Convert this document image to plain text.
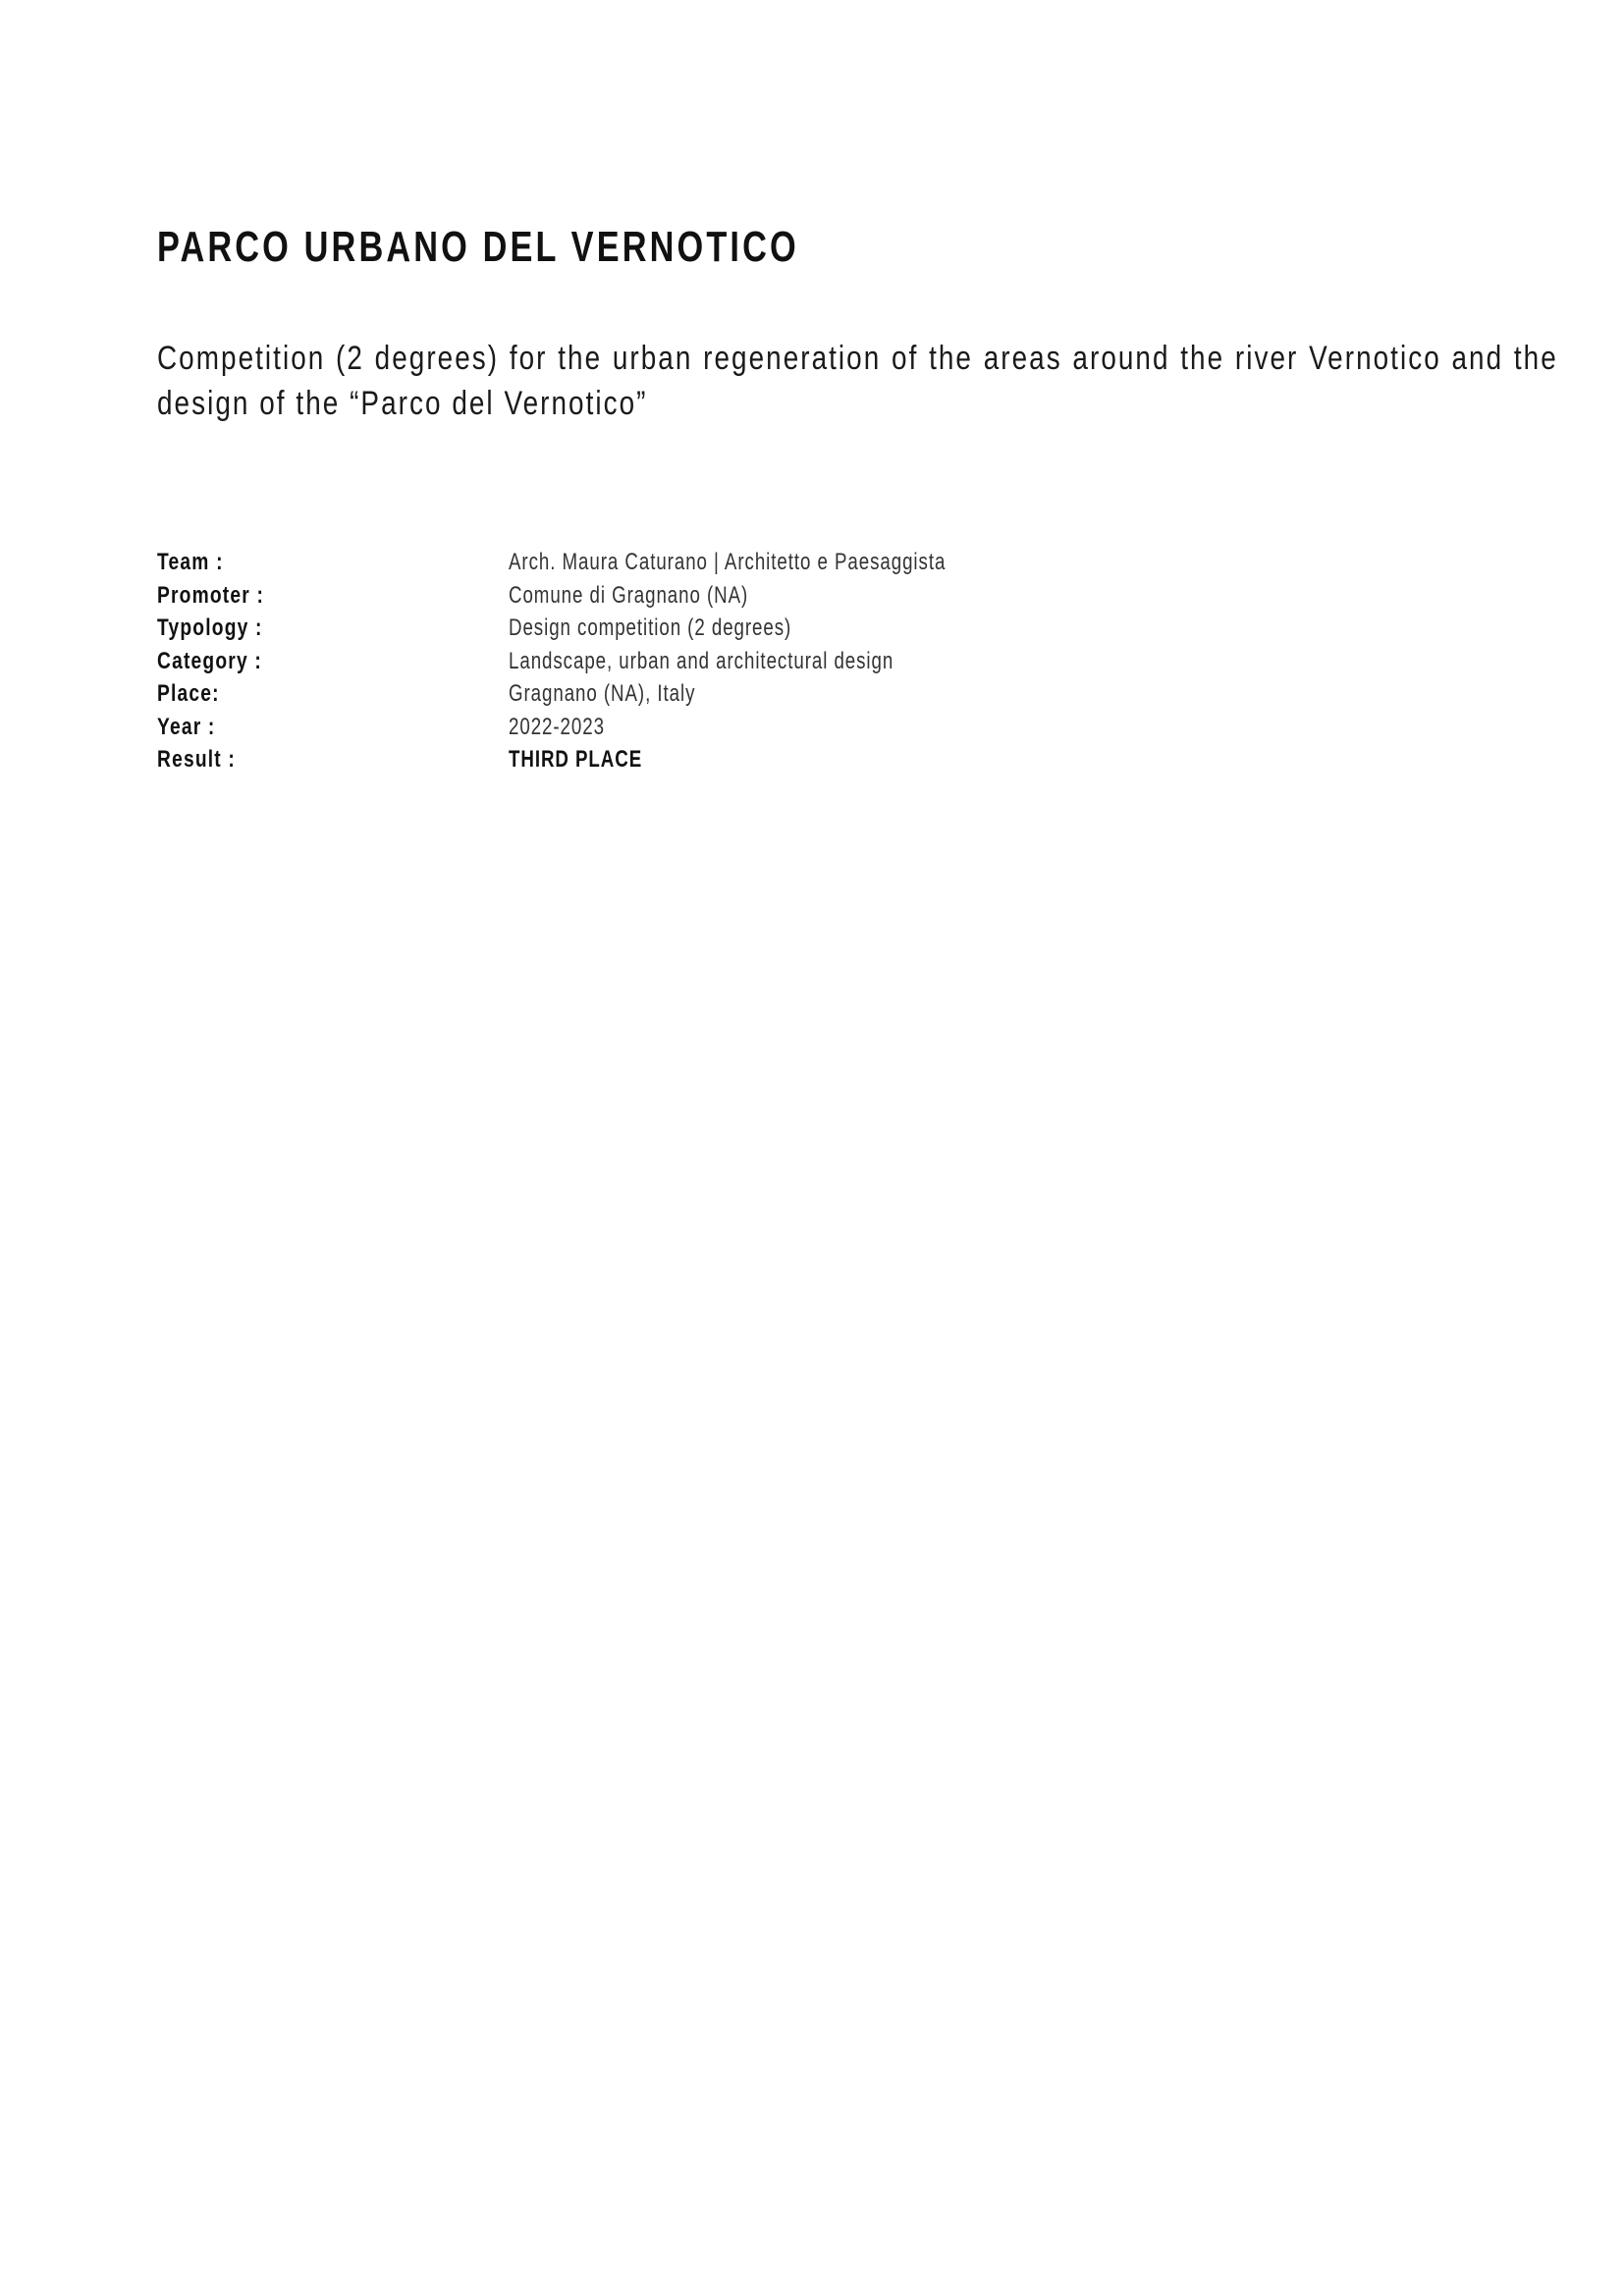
PARCO URBANO DEL VERNOTICO

Competition (2 degrees) for the urban regeneration of the areas around the river Vernotico and the design of the “Parco del Vernotico”

Team :	Arch. Maura Caturano | Architetto e Paesaggista
Promoter :	Comune di Gragnano (NA)
Typology :	Design competition (2 degrees)
Category :	Landscape, urban and architectural design
Place:	Gragnano (NA), Italy
Year :	2022-2023
Result :	THIRD PLACE
